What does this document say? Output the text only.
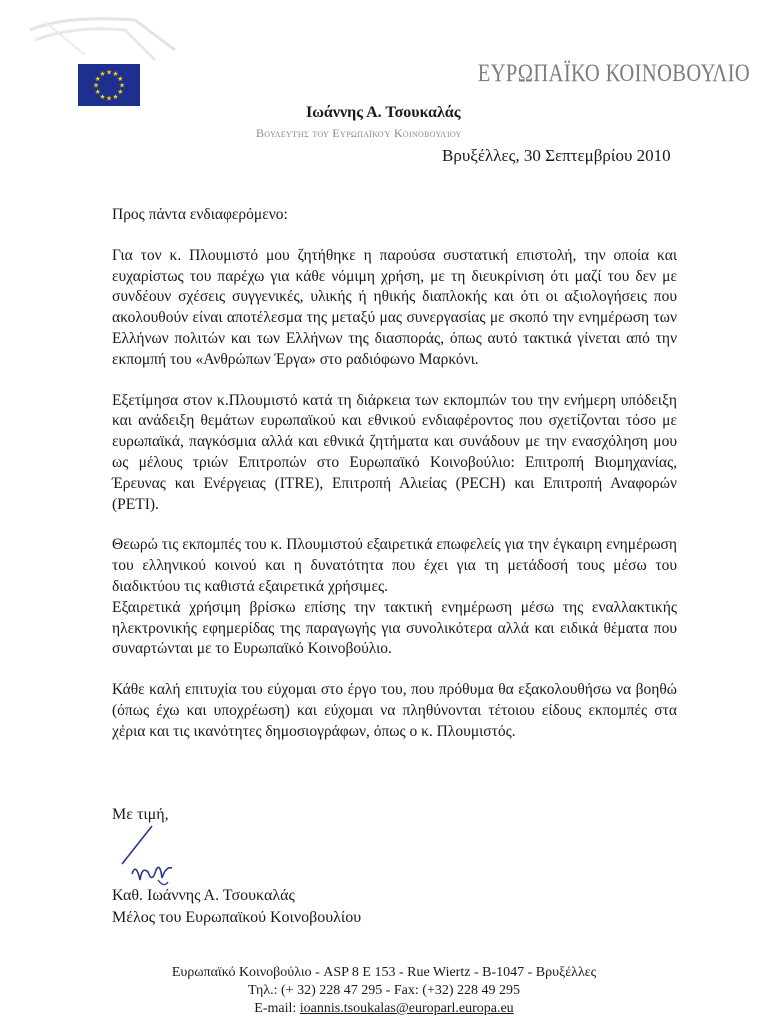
★
★
★
★
★
★
★
★
★ ★ ★
★	ΕΥΡΩΠΑΪΚΟ ΚΟΙΝΟΒΟΥΛΙΟ
Ιωάννης Α. Τσουκαλάς
Βουλευτής του Ευρωπαϊκού Κοινοβουλίου
Βρυξέλλες, 30 Σεπτεμβρίου 2010

Προς πάντα ενδιαφερόμενο:

Για τον κ. Πλουμιστό μου ζητήθηκε η παρούσα συστατική επιστολή, την οποία και ευχαρίστως του παρέχω για κάθε νόμιμη χρήση, με τη διευκρίνιση ότι μαζί του δεν με συνδέουν σχέσεις συγγενικές, υλικής ή ηθικής διαπλοκής και ότι οι αξιολογήσεις που ακολουθούν είναι αποτέλεσμα της μεταξύ μας συνεργασίας με σκοπό την ενημέρωση των Ελλήνων πολιτών και των Ελλήνων της διασποράς, όπως αυτό τακτικά γίνεται από την εκπομπή του «Ανθρώπων Έργα» στο ραδιόφωνο Μαρκόνι.

Εξετίμησα στον κ.Πλουμιστό κατά τη διάρκεια των εκπομπών του την ενήμερη υπόδειξη και ανάδειξη θεμάτων ευρωπαϊκού και εθνικού ενδιαφέροντος που σχετίζονται τόσο με ευρωπαϊκά, παγκόσμια αλλά και εθνικά ζητήματα και συνάδουν με την ενασχόληση μου ως μέλους τριών Επιτροπών στο Ευρωπαϊκό Κοινοβούλιο: Επιτροπή Βιομηχανίας, Έρευνας και Ενέργειας (ITRE), Επιτροπή Αλιείας (PECH) και Επιτροπή Αναφορών (PETI).

Θεωρώ τις εκπομπές του κ. Πλουμιστού εξαιρετικά επωφελείς για την έγκαιρη ενημέρωση του ελληνικού κοινού και η δυνατότητα που έχει για τη μετάδοσή τους μέσω του διαδικτύου τις καθιστά εξαιρετικά χρήσιμες.
Εξαιρετικά χρήσιμη βρίσκω επίσης την τακτική ενημέρωση μέσω της εναλλακτικής ηλεκτρονικής εφημερίδας της παραγωγής για συνολικότερα αλλά και ειδικά θέματα που συναρτώνται με το Ευρωπαϊκό Κοινοβούλιο.

Κάθε καλή επιτυχία του εύχομαι στο έργο του, που πρόθυμα θα εξακολουθήσω να βοηθώ (όπως έχω και υποχρέωση) και εύχομαι να πληθύνονται τέτοιου είδους εκπομπές στα χέρια και τις ικανότητες δημοσιογράφων, όπως ο κ. Πλουμιστός.

Με τιμή,
Καθ. Ιωάννης Α. Τσουκαλάς
Μέλος του Ευρωπαϊκού Κοινοβουλίου
Ευρωπαϊκό Κοινοβούλιο - ASP 8 E 153 - Rue Wiertz - B-1047 - Βρυξέλλες
Τηλ.: (+ 32) 228 47 295 - Fax: (+32) 228 49 295
E-mail: ioannis.tsoukalas@europarl.europa.eu
